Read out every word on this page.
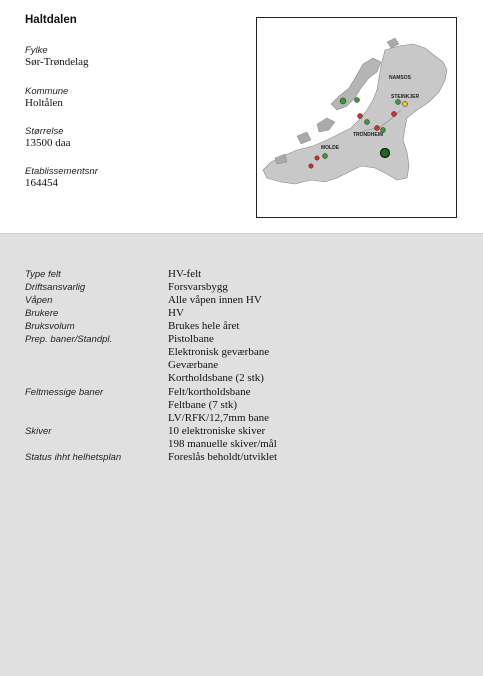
Haltdalen
Fylke
Sør-Trøndelag
Kommune
Holtålen
Størrelse
13500 daa
Etablissementsnr
164454
NAMSOS
STEINKJER
TRONDHEIM
MOLDE
Type felt	HV-felt
Driftsansvarlig	Forsvarsbygg
Våpen	Alle våpen innen HV
Brukere	HV
Bruksvolum	Brukes hele året
Prep. baner/Standpl.	Pistolbane
Elektronisk geværbane
Geværbane
Kortholdsbane (2 stk)
Feltmessige baner	Felt/kortholdsbane
Feltbane (7 stk)
LV/RFK/12,7mm bane
Skiver	10 elektroniske skiver
198 manuelle skiver/mål
Status ihht helhetsplan	Foreslås beholdt/utviklet
